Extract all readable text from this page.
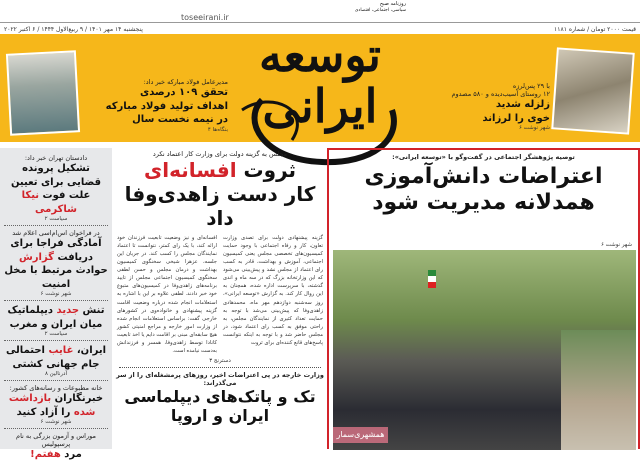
پنجشنبه ۱۴ مهر ۱۴۰۱ / ۹ ربیع‌الاول ۱۴۴۴ / ۶ اکتبر ۲۰۲۲	قیمت ۲۰۰۰ تومان / شماره ۱۱۸۱
toseeirani.ir
روزنامه صبح
سیاسی، اجتماعی، اقتصادی
توسعه ایرانی
مدیرعامل فولاد مبارکه خبر داد:
تحقق ۱۰۹ درصدی
اهداف تولید فولاد مبارکه
در نیمه نخست سال
بنگاه‌ها ۴
با ۲۹ پس‌لرزه
۱۲ روستای آسیب‌دیده و ۵۸۰ مصدوم
زلزله شدید
خوی را لرزاند
شهر نوشت ۶
دادستان تهران خبر داد:
تشکیل پرونده قضایی برای تعیین علت فوت نیکا شاکرمی
سیاست ۲
در فراخوان اس‌ام‌اسی اعلام شد
آمادگی فراجا برای دریافت گزارش حوادث مرتبط با مخل امنیت
شهر نوشت ۶
تنش جدید دیپلماتیک میان ایران و مغرب
سیاست ۲
ایران، غایب احتمالی جام جهانی کشتی
آدرنالین ۸
خانه مطبوعات و رسانه‌های کشور:
خبرنگاران بازداشت شده را آزاد کنید
شهر نوشت ۶
موراس و آزمون بزرگی به نام پرسپولیس
مرد هفتم!
مجلس به گزینه دولت برای وزارت کار اعتماد نکرد
ثروت افسانه‌ای
کار دست زاهدی‌وفا داد
گزینه پیشنهادی دولت برای تصدی وزارت تعاون، کار و رفاه اجتماعی با وجود حمایت کمیسیون‌های تخصصی مجلس یعنی کمیسیون اجتماعی، آموزش و بهداشت، قادر به کسب رای اعتماد از مجلس نشد و پیش‌بینی می‌شود که این وزارتخانه بزرگ که در سه ماه و اندی گذشته، با سرپرست اداره شده، همچنان به این روال کار کند. به گزارش «توسعه ایرانی»، روز سه‌شنبه دوازدهم مهر ماه، محمدهادی زاهدی‌وفا که پیش‌بینی می‌شد با توجه به حمایت تعداد کثیری از نمایندگان مجلس، به راحتی موفق به کسب رای اعتماد شود، در مجلس حاضر شد و با توجه به اینکه نتوانست پاسخ‌های قانع کننده‌ای برای ثروت
افسانه‌ای و نیز وضعیت تابعیت فرزندان خود ارائه کند، با یک رای کمتر، نتوانست تا اعتماد نمایندگان مجلس را کسب کند. در جریان این جلسه، عزهرا شیخی سخنگوی کمیسیون بهداشت و درمان مجلس و حسن لطفی سخنگوی کمیسیون اجتماعی مجلس از تایید برنامه‌های زاهدی‌وفا در کمیسیون‌های متبوع خود خبر دادند. لطفی علاوه بر این با اشاره به استعلامات انجام شده درباره وضعیت اقامت گزینه پیشنهادی و خانواده‌وی در کشورهای خارجی گفت: براساس استعلامات انجام شده از وزارت امور خارجه و مراجع امنیتی کشور هیچ سابقه‌ای مبنی بر اقامت دایم یا اخذ تابعیت کانادا توسط زاهدی‌وفا، همسر و فرزندانش به‌دست نیامده است.
دسترنج ۳
وزارت خارجه در پی اعتراضات اخیر، روزهای پرمشغله‌ای را از سر می‌گذراند:
تک و پاتک‌های دیپلماسی ایران و اروپا
توصیه پژوهشگر اجتماعی در گفت‌وگو با «توسعه ایرانی»:
اعتراضات دانش‌آموزی
همدلانه مدیریت شود
شهر نوشت ۶
همشهری‌سمار
